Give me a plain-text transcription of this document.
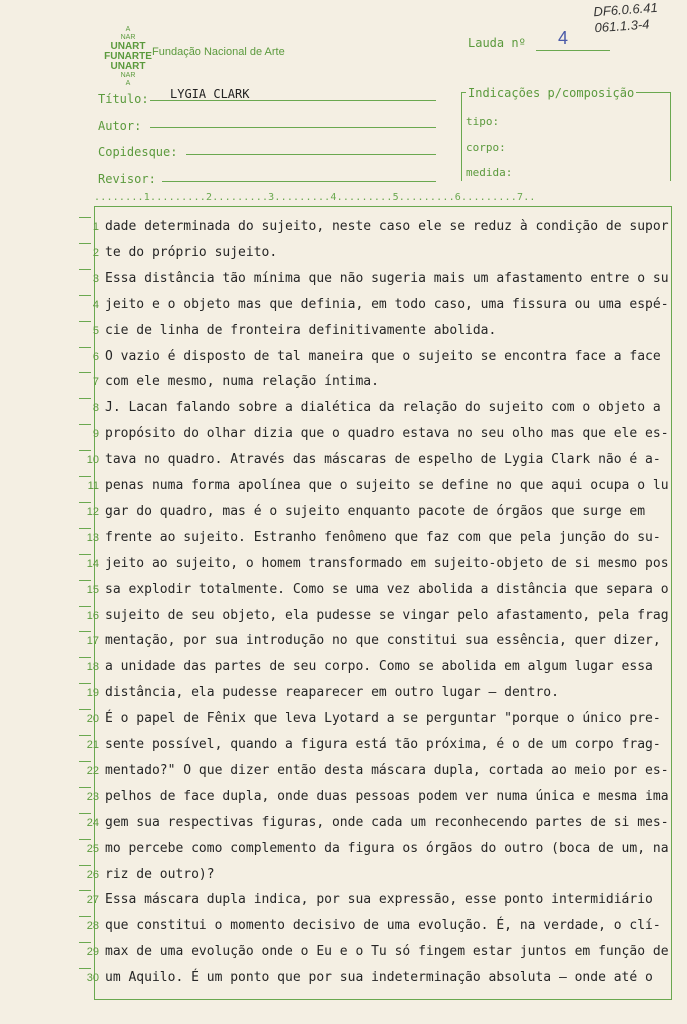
A
NAR
UNART
FUNARTE
UNART
NAR
A
Fundação Nacional de Arte
DF6.0.6.41
061.1.3-4
Lauda nº 4
Título: LYGIA CLARK
Autor:
Copidesque:
Revisor:
Indicações p/composição
tipo:
corpo:
medida:
........1.........2.........3.........4.........5.........6.........7..
1 dade determinada do sujeito, neste caso ele se reduz à condição de supor
2 te do próprio sujeito.
3 Essa distância tão mínima que não sugeria mais um afastamento entre o su
4 jeito e o objeto mas que definia, em todo caso, uma fissura ou uma espé-
5 cie de linha de fronteira definitivamente abolida.
6 O vazio é disposto de tal maneira que o sujeito se encontra face a face
7 com ele mesmo, numa relação íntima.
8 J. Lacan falando sobre a dialética da relação do sujeito com o objeto a
9 propósito do olhar dizia que o quadro estava no seu olho mas que ele es-
10 tava no quadro. Através das máscaras de espelho de Lygia Clark não é a-
11 penas numa forma apolínea que o sujeito se define no que aqui ocupa o lu
12 gar do quadro, mas é o sujeito enquanto pacote de órgãos que surge em
13 frente ao sujeito. Estranho fenômeno que faz com que pela junção do su-
14 jeito ao sujeito, o homem transformado em sujeito-objeto de si mesmo pos
15 sa explodir totalmente. Como se uma vez abolida a distância que separa o
16 sujeito de seu objeto, ela pudesse se vingar pelo afastamento, pela frag
17 mentação, por sua introdução no que constitui sua essência, quer dizer,
18 a unidade das partes de seu corpo. Como se abolida em algum lugar essa
19 distância, ela pudesse reaparecer em outro lugar — dentro.
20 É o papel de Fênix que leva Lyotard a se perguntar "porque o único pre-
21 sente possível, quando a figura está tão próxima, é o de um corpo frag-
22 mentado?" O que dizer então desta máscara dupla, cortada ao meio por es-
23 pelhos de face dupla, onde duas pessoas podem ver numa única e mesma ima
24 gem sua respectivas figuras, onde cada um reconhecendo partes de si mes-
25 mo percebe como complemento da figura os órgãos do outro (boca de um, na
26 riz de outro)?
27 Essa máscara dupla indica, por sua expressão, esse ponto intermidiário
28 que constitui o momento decisivo de uma evolução. É, na verdade, o clí-
29 max de uma evolução onde o Eu e o Tu só fingem estar juntos em função de
30 um Aquilo. É um ponto que por sua indeterminação absoluta — onde até o
